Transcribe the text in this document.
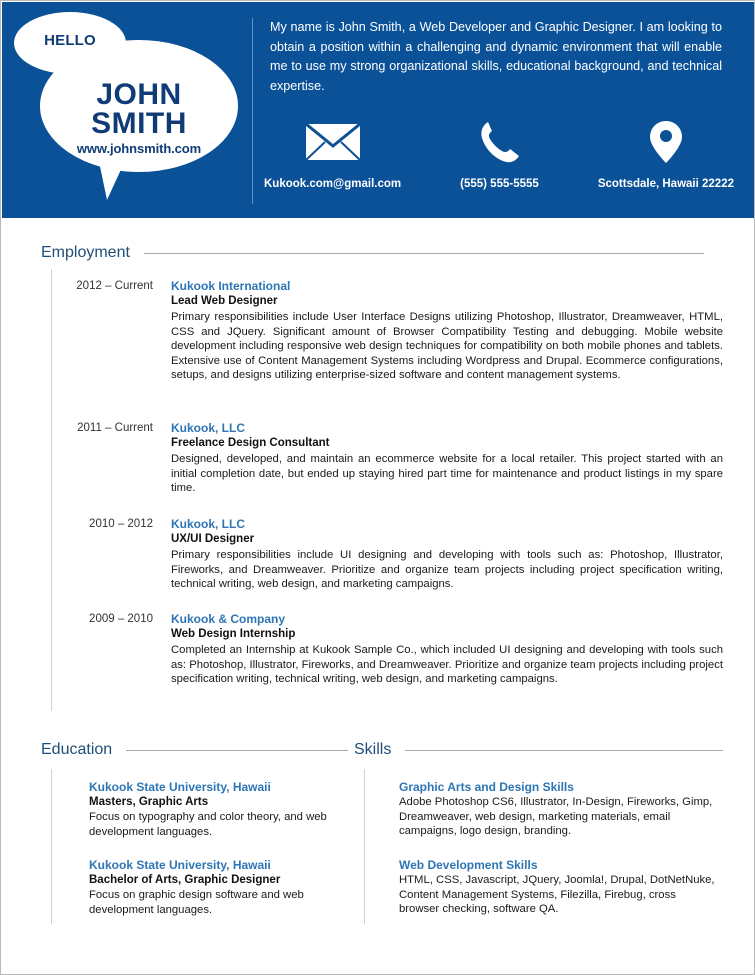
HELLO
JOHN
SMITH
www.johnsmith.com
My name is John Smith, a Web Developer and Graphic Designer. I am looking to obtain a position within a challenging and dynamic environment that will enable me to use my strong organizational skills, educational background, and technical expertise.
Kukook.com@gmail.com	(555) 555-5555	Scottsdale, Hawaii 22222
Employment
2012 – Current	Kukook International
Lead Web Designer
Primary responsibilities include User Interface Designs utilizing Photoshop, Illustrator, Dreamweaver, HTML, CSS and JQuery. Significant amount of Browser Compatibility Testing and debugging. Mobile website development including responsive web design techniques for compatibility on both mobile phones and tablets. Extensive use of Content Management Systems including Wordpress and Drupal. Ecommerce configurations, setups, and designs utilizing enterprise-sized software and content management systems.
2011 – Current	Kukook, LLC
Freelance Design Consultant
Designed, developed, and maintain an ecommerce website for a local retailer. This project started with an initial completion date, but ended up staying hired part time for maintenance and product listings in my spare time.
2010 – 2012	Kukook, LLC
UX/UI Designer
Primary responsibilities include UI designing and developing with tools such as: Photoshop, Illustrator, Fireworks, and Dreamweaver. Prioritize and organize team projects including project specification writing, technical writing, web design, and marketing campaigns.
2009 – 2010	Kukook & Company
Web Design Internship
Completed an Internship at Kukook Sample Co., which included UI designing and developing with tools such as: Photoshop, Illustrator, Fireworks, and Dreamweaver. Prioritize and organize team projects including project specification writing, technical writing, web design, and marketing campaigns.
Education
Kukook State University, Hawaii
Masters, Graphic Arts
Focus on typography and color theory, and web development languages.
Kukook State University, Hawaii
Bachelor of Arts, Graphic Designer
Focus on graphic design software and web development languages.
Skills
Graphic Arts and Design Skills
Adobe Photoshop CS6, Illustrator, In-Design, Fireworks, Gimp, Dreamweaver, web design, marketing materials, email campaigns, logo design, branding.
Web Development Skills
HTML, CSS, Javascript, JQuery, Joomla!, Drupal, DotNetNuke, Content Management Systems, Filezilla, Firebug, cross browser checking, software QA.
